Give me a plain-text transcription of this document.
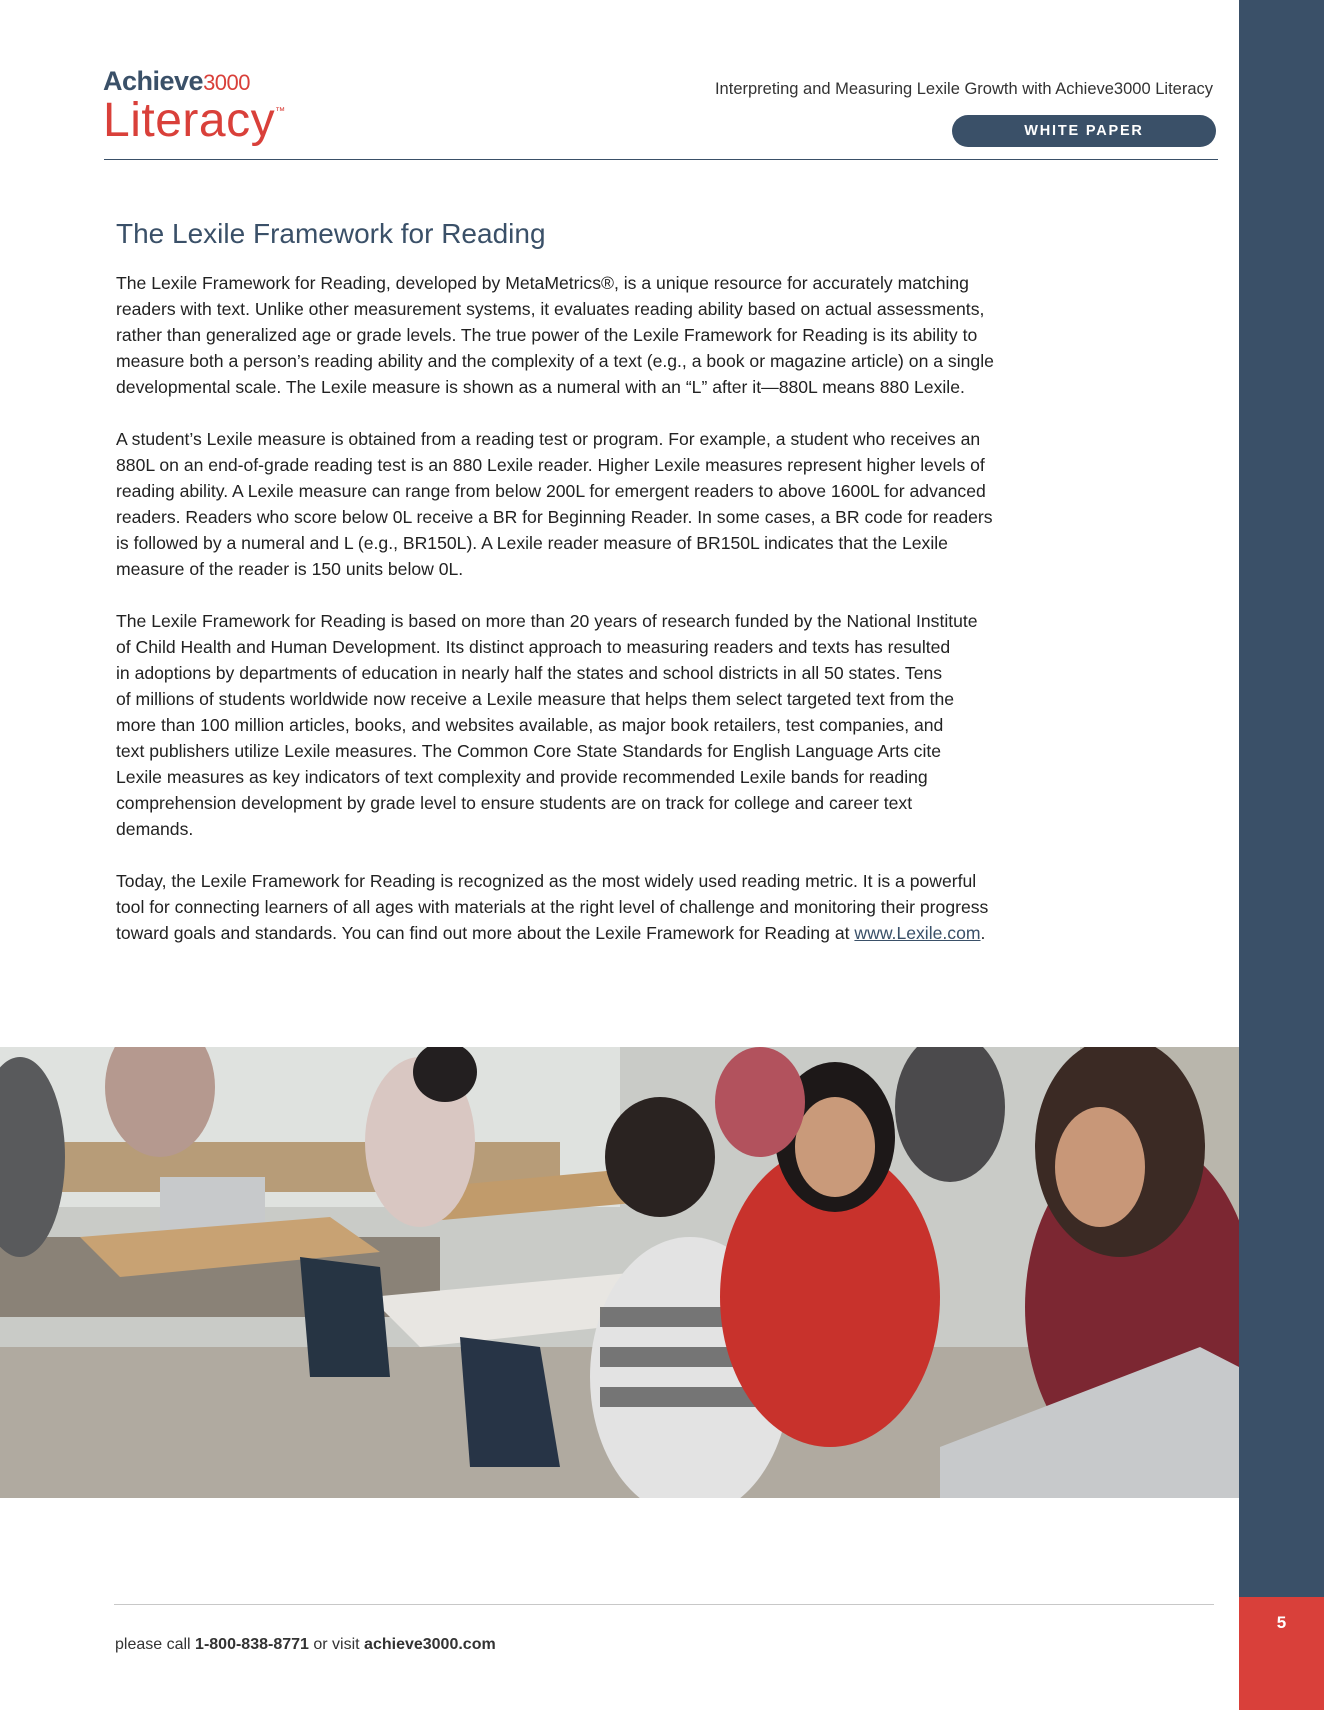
5
Achieve3000
Literacy™
Interpreting and Measuring Lexile Growth with Achieve3000 Literacy
WHITE PAPER
The Lexile Framework for Reading
The Lexile Framework for Reading, developed by MetaMetrics®, is a unique resource for accurately matching
readers with text. Unlike other measurement systems, it evaluates reading ability based on actual assessments,
rather than generalized age or grade levels. The true power of the Lexile Framework for Reading is its ability to
measure both a person’s reading ability and the complexity of a text (e.g., a book or magazine article) on a single
developmental scale. The Lexile measure is shown as a numeral with an “L” after it—880L means 880 Lexile.
A student’s Lexile measure is obtained from a reading test or program. For example, a student who receives an
880L on an end-of-grade reading test is an 880 Lexile reader. Higher Lexile measures represent higher levels of
reading ability. A Lexile measure can range from below 200L for emergent readers to above 1600L for advanced
readers. Readers who score below 0L receive a BR for Beginning Reader. In some cases, a BR code for readers
is followed by a numeral and L (e.g., BR150L). A Lexile reader measure of BR150L indicates that the Lexile
measure of the reader is 150 units below 0L.
The Lexile Framework for Reading is based on more than 20 years of research funded by the National Institute
of Child Health and Human Development. Its distinct approach to measuring readers and texts has resulted
in adoptions by departments of education in nearly half the states and school districts in all 50 states. Tens
of millions of students worldwide now receive a Lexile measure that helps them select targeted text from the
more than 100 million articles, books, and websites available, as major book retailers, test companies, and
text publishers utilize Lexile measures. The Common Core State Standards for English Language Arts cite
Lexile measures as key indicators of text complexity and provide recommended Lexile bands for reading
comprehension development by grade level to ensure students are on track for college and career text
demands.
Today, the Lexile Framework for Reading is recognized as the most widely used reading metric. It is a powerful
tool for connecting learners of all ages with materials at the right level of challenge and monitoring their progress
toward goals and standards. You can find out more about the Lexile Framework for Reading at www.Lexile.com.
please call 1-800-838-8771 or visit achieve3000.com
